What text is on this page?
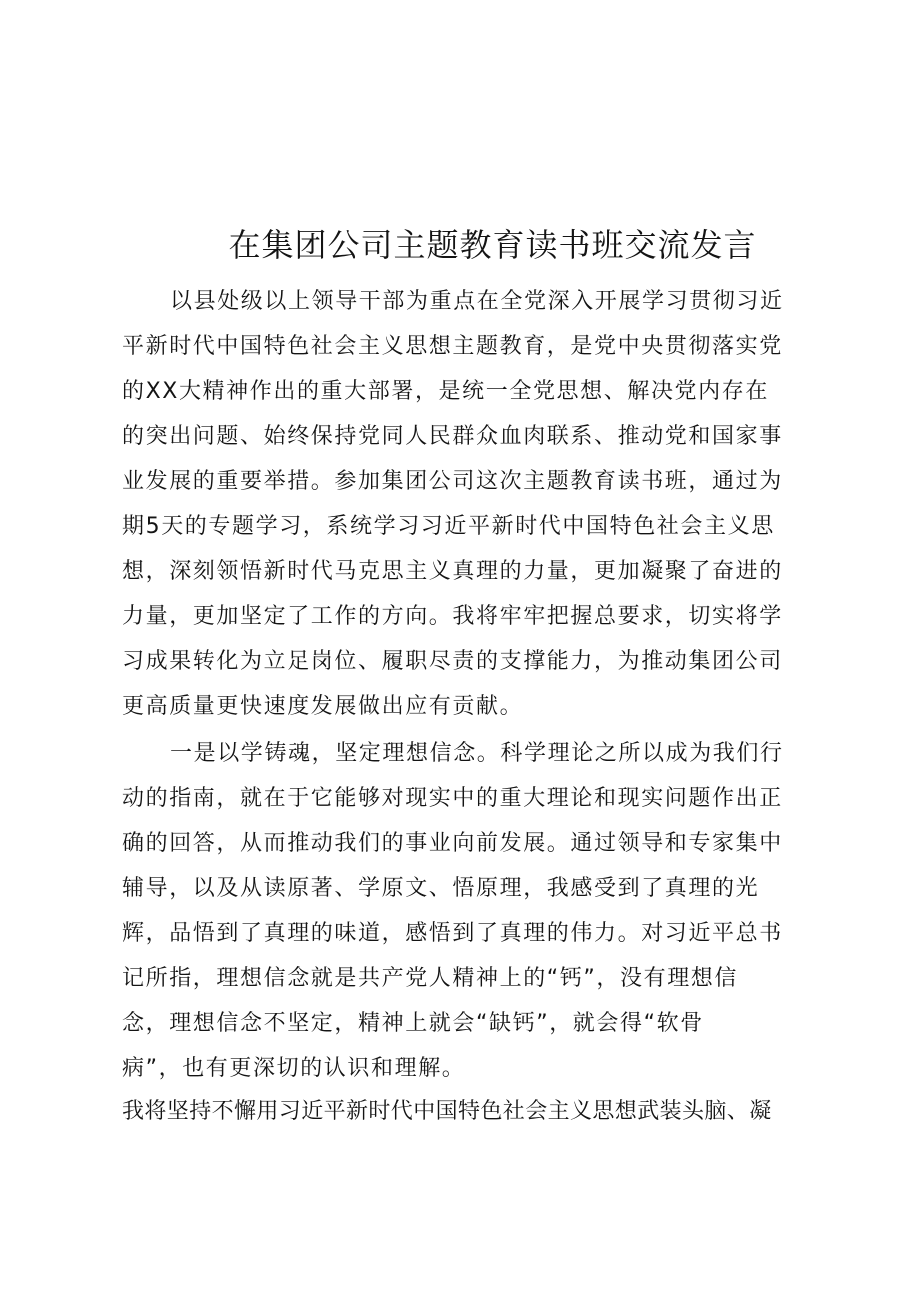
在集团公司主题教育读书班交流发言
以县处级以上领导干部为重点在全党深入开展学习贯彻习近
平新时代中国特色社会主义思想主题教育，是党中央贯彻落实党
的XX大精神作出的重大部署，是统一全党思想、解决党内存在
的突出问题、始终保持党同人民群众血肉联系、推动党和国家事
业发展的重要举措。参加集团公司这次主题教育读书班，通过为
期5天的专题学习，系统学习习近平新时代中国特色社会主义思
想，深刻领悟新时代马克思主义真理的力量，更加凝聚了奋进的
力量，更加坚定了工作的方向。我将牢牢把握总要求，切实将学
习成果转化为立足岗位、履职尽责的支撑能力，为推动集团公司
更高质量更快速度发展做出应有贡献。
一是以学铸魂，坚定理想信念。科学理论之所以成为我们行
动的指南，就在于它能够对现实中的重大理论和现实问题作出正
确的回答，从而推动我们的事业向前发展。通过领导和专家集中
辅导，以及从读原著、学原文、悟原理，我感受到了真理的光
辉，品悟到了真理的味道，感悟到了真理的伟力。对习近平总书
记所指，理想信念就是共产党人精神上的“钙”，没有理想信
念，理想信念不坚定，精神上就会“缺钙”，就会得“软骨
病”，也有更深切的认识和理解。
我将坚持不懈用习近平新时代中国特色社会主义思想武装头脑、凝
